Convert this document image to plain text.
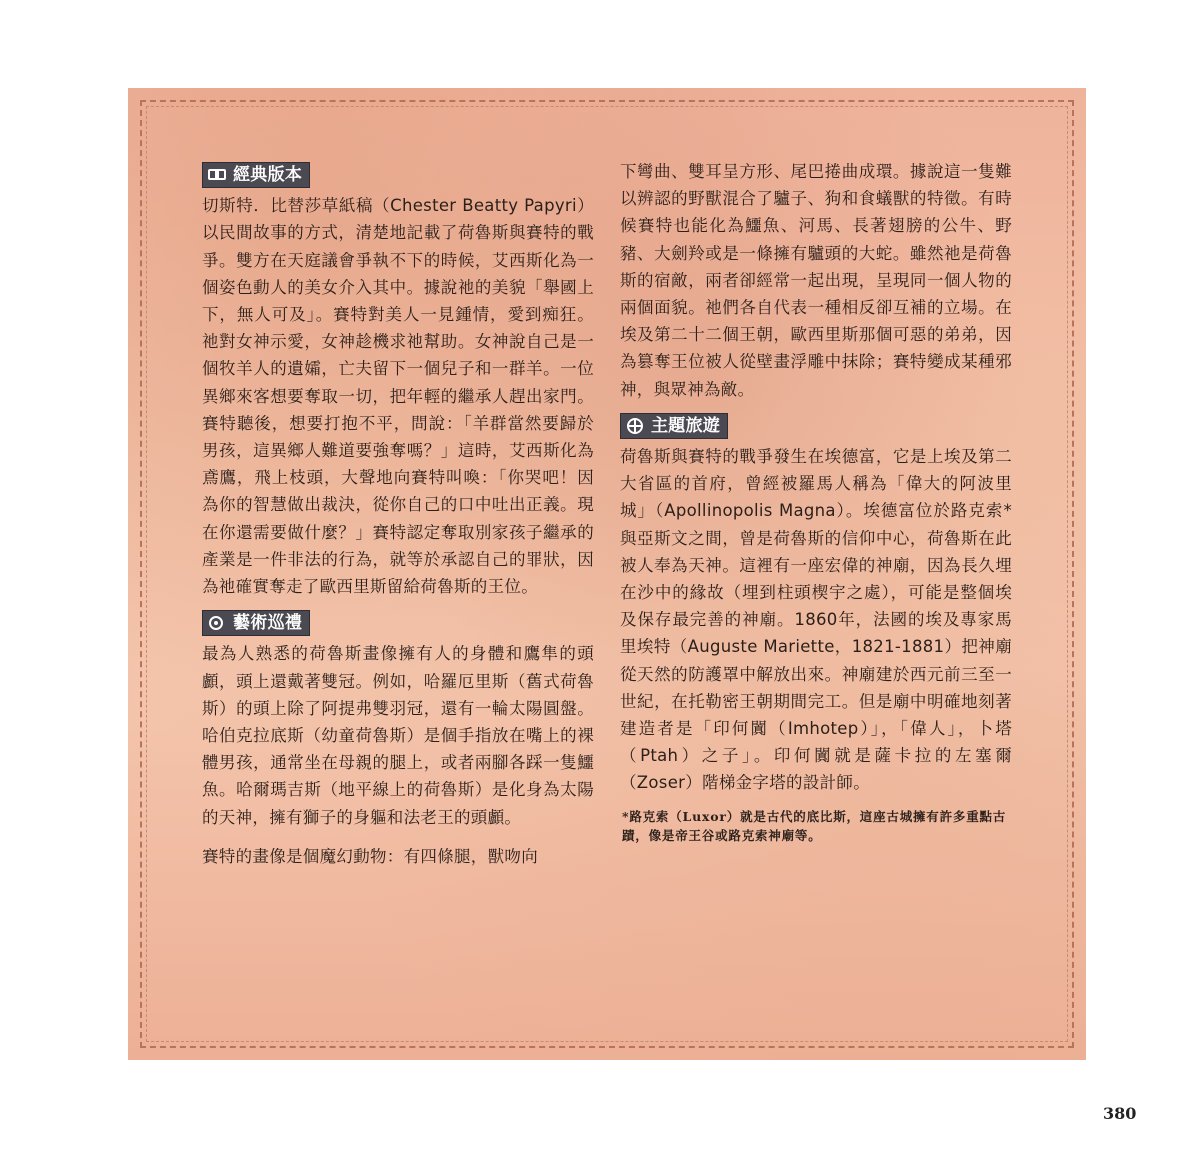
經典版本

切斯特．比替莎草紙稿（Chester Beatty Papyri）以民間故事的方式，清楚地記載了荷魯斯與賽特的戰爭。雙方在天庭議會爭執不下的時候，艾西斯化為一個姿色動人的美女介入其中。據說祂的美貌「舉國上下，無人可及」。賽特對美人一見鍾情，愛到痴狂。祂對女神示愛，女神趁機求祂幫助。女神說自己是一個牧羊人的遺孀，亡夫留下一個兒子和一群羊。一位異鄉來客想要奪取一切，把年輕的繼承人趕出家門。賽特聽後，想要打抱不平，問說：「羊群當然要歸於男孩，這異鄉人難道要強奪嗎？」這時，艾西斯化為鳶鷹，飛上枝頭，大聲地向賽特叫喚：「你哭吧！因為你的智慧做出裁決，從你自己的口中吐出正義。現在你還需要做什麼？」賽特認定奪取別家孩子繼承的產業是一件非法的行為，就等於承認自己的罪狀，因為祂確實奪走了歐西里斯留給荷魯斯的王位。

藝術巡禮

最為人熟悉的荷魯斯畫像擁有人的身體和鷹隼的頭顱，頭上還戴著雙冠。例如，哈羅厄里斯（舊式荷魯斯）的頭上除了阿提弗雙羽冠，還有一輪太陽圓盤。哈伯克拉底斯（幼童荷魯斯）是個手指放在嘴上的裸體男孩，通常坐在母親的腿上，或者兩腳各踩一隻鱷魚。哈爾瑪吉斯（地平線上的荷魯斯）是化身為太陽的天神，擁有獅子的身軀和法老王的頭顱。

賽特的畫像是個魔幻動物：有四條腿，獸吻向

下彎曲、雙耳呈方形、尾巴捲曲成環。據說這一隻難以辨認的野獸混合了驢子、狗和食蟻獸的特徵。有時候賽特也能化為鱷魚、河馬、長著翅膀的公牛、野豬、大劍羚或是一條擁有驢頭的大蛇。雖然祂是荷魯斯的宿敵，兩者卻經常一起出現，呈現同一個人物的兩個面貌。祂們各自代表一種相反卻互補的立場。在埃及第二十二個王朝，歐西里斯那個可惡的弟弟，因為篡奪王位被人從壁畫浮雕中抹除；賽特變成某種邪神，與眾神為敵。

主題旅遊

荷魯斯與賽特的戰爭發生在埃德富，它是上埃及第二大省區的首府，曾經被羅馬人稱為「偉大的阿波里城」（Apollinopolis Magna）。埃德富位於路克索*與亞斯文之間，曾是荷魯斯的信仰中心，荷魯斯在此被人奉為天神。這裡有一座宏偉的神廟，因為長久埋在沙中的緣故（埋到柱頭楔宇之處），可能是整個埃及保存最完善的神廟。1860年，法國的埃及專家馬里埃特（Auguste Mariette，1821-1881）把神廟從天然的防護罩中解放出來。神廟建於西元前三至一世紀，在托勒密王朝期間完工。但是廟中明確地刻著建造者是「印何闐（Imhotep）」，「偉人」，卜塔（Ptah）之子」。印何闐就是薩卡拉的左塞爾（Zoser）階梯金字塔的設計師。

*路克索（Luxor）就是古代的底比斯，這座古城擁有許多重點古蹟，像是帝王谷或路克索神廟等。
380
